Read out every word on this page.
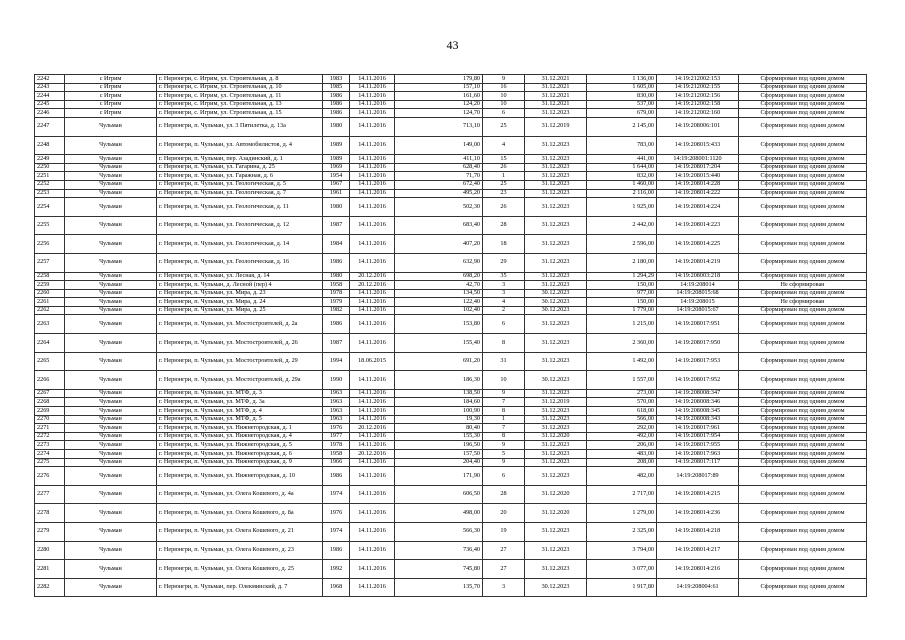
43
2242	с Игрим	г. Нерюнгри, с. Игрим, ул. Строительная, д. 8	1983	14.11.2016	179,80	9	31.12.2021	1 136,00	14:19:212002:153	Сформирован под одним домом
2243	с Игрим	г. Нерюнгри, с. Игрим, ул. Строительная, д. 10	1985	14.11.2016	157,10	16	31.12.2021	1 605,00	14:19:212002:155	Сформирован под одним домом
2244	с Игрим	г. Нерюнгри, с. Игрим, ул. Строительная, д. 11	1986	14.11.2016	161,60	10	31.12.2021	830,00	14:19:212002:156	Сформирован под одним домом
2245	с Игрим	г. Нерюнгри, с. Игрим, ул. Строительная, д. 13	1986	14.11.2016	124,20	10	31.12.2021	537,00	14:19:212002:158	Сформирован под одним домом
2246	с Игрим	г. Нерюнгри, с. Игрим, ул. Строительная, д. 15	1986	14.11.2016	124,70	6	31.12.2023	679,00	14:19:212002:160	Сформирован под одним домом
2247	Чульман	г. Нерюнгри, п. Чульман, ул. 3 Пятилетка, д. 13а	1980	14.11.2016	713,10	25	31.12.2019	2 145,00	14:19:208006:101	Сформирован под одним домом
2248	Чульман	г. Нерюнгри, п. Чульман, ул. Автомобилистов, д. 4	1989	14.11.2016	149,00	4	31.12.2023	783,00	14:19:208015:433	Сформирован под одним домом
2249	Чульман	г. Нерюнгри, п. Чульман, пер. Азадинский, д. 1	1989	14.11.2016	411,10	15	31.12.2023	441,00	14:19:208001:1120	Сформирован под одним домом
2250	Чульман	г. Нерюнгри, п. Чульман, ул. Гагарина, д. 25	1969	14.11.2016	628,40	26	31.12.2023	1 644,00	14:19:208017:204	Сформирован под одним домом
2251	Чульман	г. Нерюнгри, п. Чульман, ул. Гаражная, д. 6	1954	14.11.2016	71,70	1	31.12.2023	832,00	14:19:208015:440	Сформирован под одним домом
2252	Чульман	г. Нерюнгри, п. Чульман, ул. Геологическая, д. 5	1967	14.11.2016	672,40	25	31.12.2023	1 460,00	14:19:208014:228	Сформирован под одним домом
2253	Чульман	г. Нерюнгри, п. Чульман, ул. Геологическая, д. 7	1961	14.11.2016	495,20	23	31.12.2023	2 116,00	14:19:208014:222	Сформирован под одним домом
2254	Чульман	г. Нерюнгри, п. Чульман, ул. Геологическая, д. 11	1980	14.11.2016	502,30	26	31.12.2023	1 925,00	14:19:208014:224	Сформирован под одним домом
2255	Чульман	г. Нерюнгри, п. Чульман, ул. Геологическая, д. 12	1987	14.11.2016	683,40	28	31.12.2023	2 442,00	14:19:208014:223	Сформирован под одним домом
2256	Чульман	г. Нерюнгри, п. Чульман, ул. Геологическая, д. 14	1984	14.11.2016	407,20	18	31.12.2023	2 596,00	14:19:208014:225	Сформирован под одним домом
2257	Чульман	г. Нерюнгри, п. Чульман, ул. Геологическая, д. 16	1986	14.11.2016	632,90	29	31.12.2023	2 180,00	14:19:208014:219	Сформирован под одним домом
2258	Чульман	г. Нерюнгри, п. Чульман, ул. Лесная, д. 14	1980	20.12.2016	698,20	35	31.12.2023	1 294,29	14:19:208003:218	Сформирован под одним домом
2259	Чульман	г. Нерюнгри, п. Чульман, д. Лесной (пер) 4	1958	20.12.2016	42,70	3	31.12.2023	150,00	14:19:208014	Не сформирован
2260	Чульман	г. Нерюнгри, п. Чульман, ул. Мира, д. 23	1978	14.11.2016	134,50	3	30.12.2023	977,00	14:19:208015:68	Сформирован под одним домом
2261	Чульман	г. Нерюнгри, п. Чульман, ул. Мира, д. 24	1979	14.11.2016	122,40	4	30.12.2023	150,00	14:19:208015	Не сформирован
2262	Чульман	г. Нерюнгри, п. Чульман, ул. Мира, д. 25	1982	14.11.2016	102,40	2	30.12.2023	1 779,00	14:19:208015:67	Сформирован под одним домом
2263	Чульман	г. Нерюнгри, п. Чульман, ул. Мостостроителей, д. 2а	1986	14.11.2016	153,80	6	31.12.2023	1 215,00	14:19:208017:951	Сформирован под одним домом
2264	Чульман	г. Нерюнгри, п. Чульман, ул. Мостостроителей, д. 26	1987	14.11.2016	155,40	8	31.12.2023	2 360,00	14:19:208017:950	Сформирован под одним домом
2265	Чульман	г. Нерюнгри, п. Чульман, ул. Мостостроителей, д. 29	1994	18.06.2015	691,20	31	31.12.2023	1 492,00	14:19:208017:953	Сформирован под одним домом
2266	Чульман	г. Нерюнгри, п. Чульман, ул. Мостостроителей, д. 29а	1990	14.11.2016	186,30	10	30.12.2023	1 557,00	14:19:208017:952	Сформирован под одним домом
2267	Чульман	г. Нерюнгри, п. Чульман, ул. МТФ, д. 3	1963	14.11.2016	138,50	9	31.12.2023	273,00	14:19:208008:347	Сформирован под одним домом
2268	Чульман	г. Нерюнгри, п. Чульман, ул. МТФ, д. 3а	1963	14.11.2016	184,60	7	31.12.2019	570,00	14:19:208008:346	Сформирован под одним домом
2269	Чульман	г. Нерюнгри, п. Чульман, ул. МТФ, д. 4	1963	14.11.2016	100,90	8	31.12.2023	618,00	14:19:208008:345	Сформирован под одним домом
2270	Чульман	г. Нерюнгри, п. Чульман, ул. МТФ, д. 5	1963	14.11.2016	19,30	1	31.12.2023	566,00	14:19:208008:343	Сформирован под одним домом
2271	Чульман	г. Нерюнгри, п. Чульман, ул. Нижнегородская, д. 1	1976	20.12.2016	80,40	7	31.12.2023	292,00	14:19:208017:961	Сформирован под одним домом
2272	Чульман	г. Нерюнгри, п. Чульман, ул. Нижнегородская, д. 4	1977	14.11.2016	155,30	8	31.12.2020	492,00	14:19:208017:954	Сформирован под одним домом
2273	Чульман	г. Нерюнгри, п. Чульман, ул. Нижнегородская, д. 5	1978	14.11.2016	196,50	9	31.12.2023	206,00	14:19:208017:955	Сформирован под одним домом
2274	Чульман	г. Нерюнгри, п. Чульман, ул. Нижнегородская, д. 6	1958	20.12.2016	157,50	5	31.12.2023	483,00	14:19:208017:963	Сформирован под одним домом
2275	Чульман	г. Нерюнгри, п. Чульман, ул. Нижнегородская, д. 9	1966	14.11.2016	204,40	9	31.12.2023	208,00	14:19:208017:117	Сформирован под одним домом
2276	Чульман	г. Нерюнгри, п. Чульман, ул. Нижнегородская, д. 10	1986	14.11.2016	171,90	6	31.12.2023	482,00	14:19:208017:89	Сформирован под одним домом
2277	Чульман	г. Нерюнгри, п. Чульман, ул. Олега Кошевого, д. 4а	1974	14.11.2016	606,50	28	31.12.2020	2 717,00	14:19:208014:215	Сформирован под одним домом
2278	Чульман	г. Нерюнгри, п. Чульман, ул. Олега Кошевого, д. 8а	1976	14.11.2016	498,00	20	31.12.2020	1 279,00	14:19:208014:236	Сформирован под одним домом
2279	Чульман	г. Нерюнгри, п. Чульман, ул. Олега Кошевого, д. 21	1974	14.11.2016	566,30	19	31.12.2023	2 325,00	14:19:208014:218	Сформирован под одним домом
2280	Чульман	г. Нерюнгри, п. Чульман, ул. Олега Кошевого, д. 23	1986	14.11.2016	736,40	27	31.12.2023	3 794,00	14:19:208014:217	Сформирован под одним домом
2281	Чульман	г. Нерюнгри, п. Чульман, ул. Олега Кошевого, д. 25	1992	14.11.2016	745,80	27	31.12.2023	3 077,00	14:19:208014:216	Сформирован под одним домом
2282	Чульман	г. Нерюнгри, п. Чульман, пер. Олекминский, д. 7	1968	14.11.2016	135,70	3	30.12.2023	1 917,80	14:19:208004:61	Сформирован под одним домом
